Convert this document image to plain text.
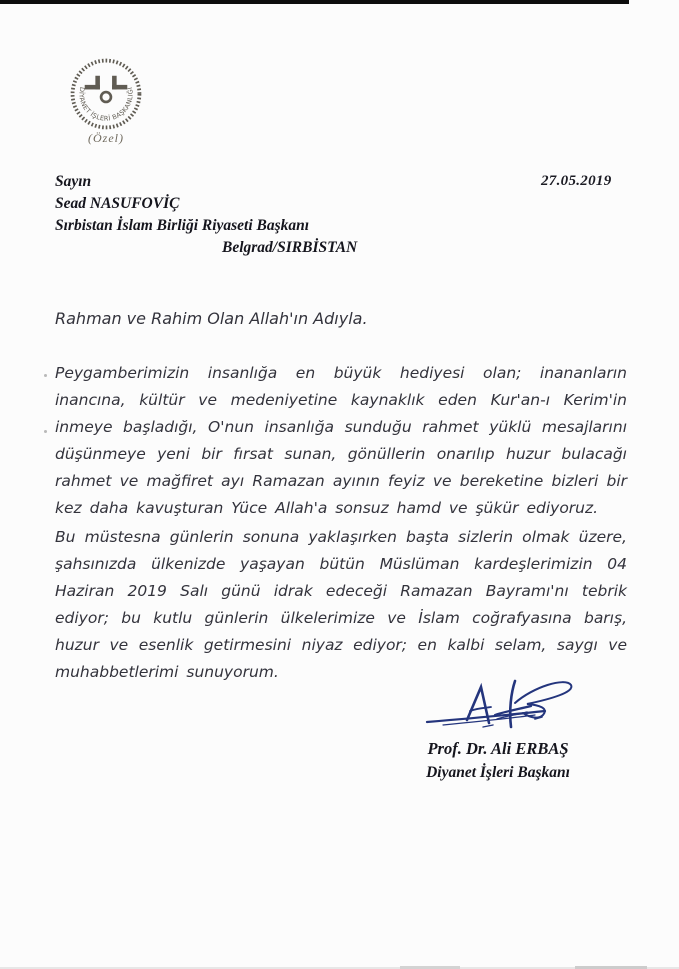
DİYANET İŞLERİ BAŞKANLIĞI
(Özel)
27.05.2019
Sayın
Sead NASUFOVİÇ
Sırbistan İslam Birliği Riyaseti Başkanı
Belgrad/SIRBİSTAN
Rahman ve Rahim Olan Allah'ın Adıyla.
Peygamberimizin insanlığa en büyük hediyesi olan; inananların inancına, kültür ve medeniyetine kaynaklık eden Kur'an-ı Kerim'in inmeye başladığı, O'nun insanlığa sunduğu rahmet yüklü mesajlarını düşünmeye yeni bir fırsat sunan, gönüllerin onarılıp huzur bulacağı rahmet ve mağfiret ayı Ramazan ayının feyiz ve bereketine bizleri bir kez daha kavuşturan Yüce Allah'a sonsuz hamd ve şükür ediyoruz.
Bu müstesna günlerin sonuna yaklaşırken başta sizlerin olmak üzere, şahsınızda ülkenizde yaşayan bütün Müslüman kardeşlerimizin 04 Haziran 2019 Salı günü idrak edeceği Ramazan Bayramı'nı tebrik ediyor; bu kutlu günlerin ülkelerimize ve İslam coğrafyasına barış, huzur ve esenlik getirmesini niyaz ediyor; en kalbi selam, saygı ve muhabbetlerimi sunuyorum.
Prof. Dr. Ali ERBAŞ
Diyanet İşleri Başkanı
